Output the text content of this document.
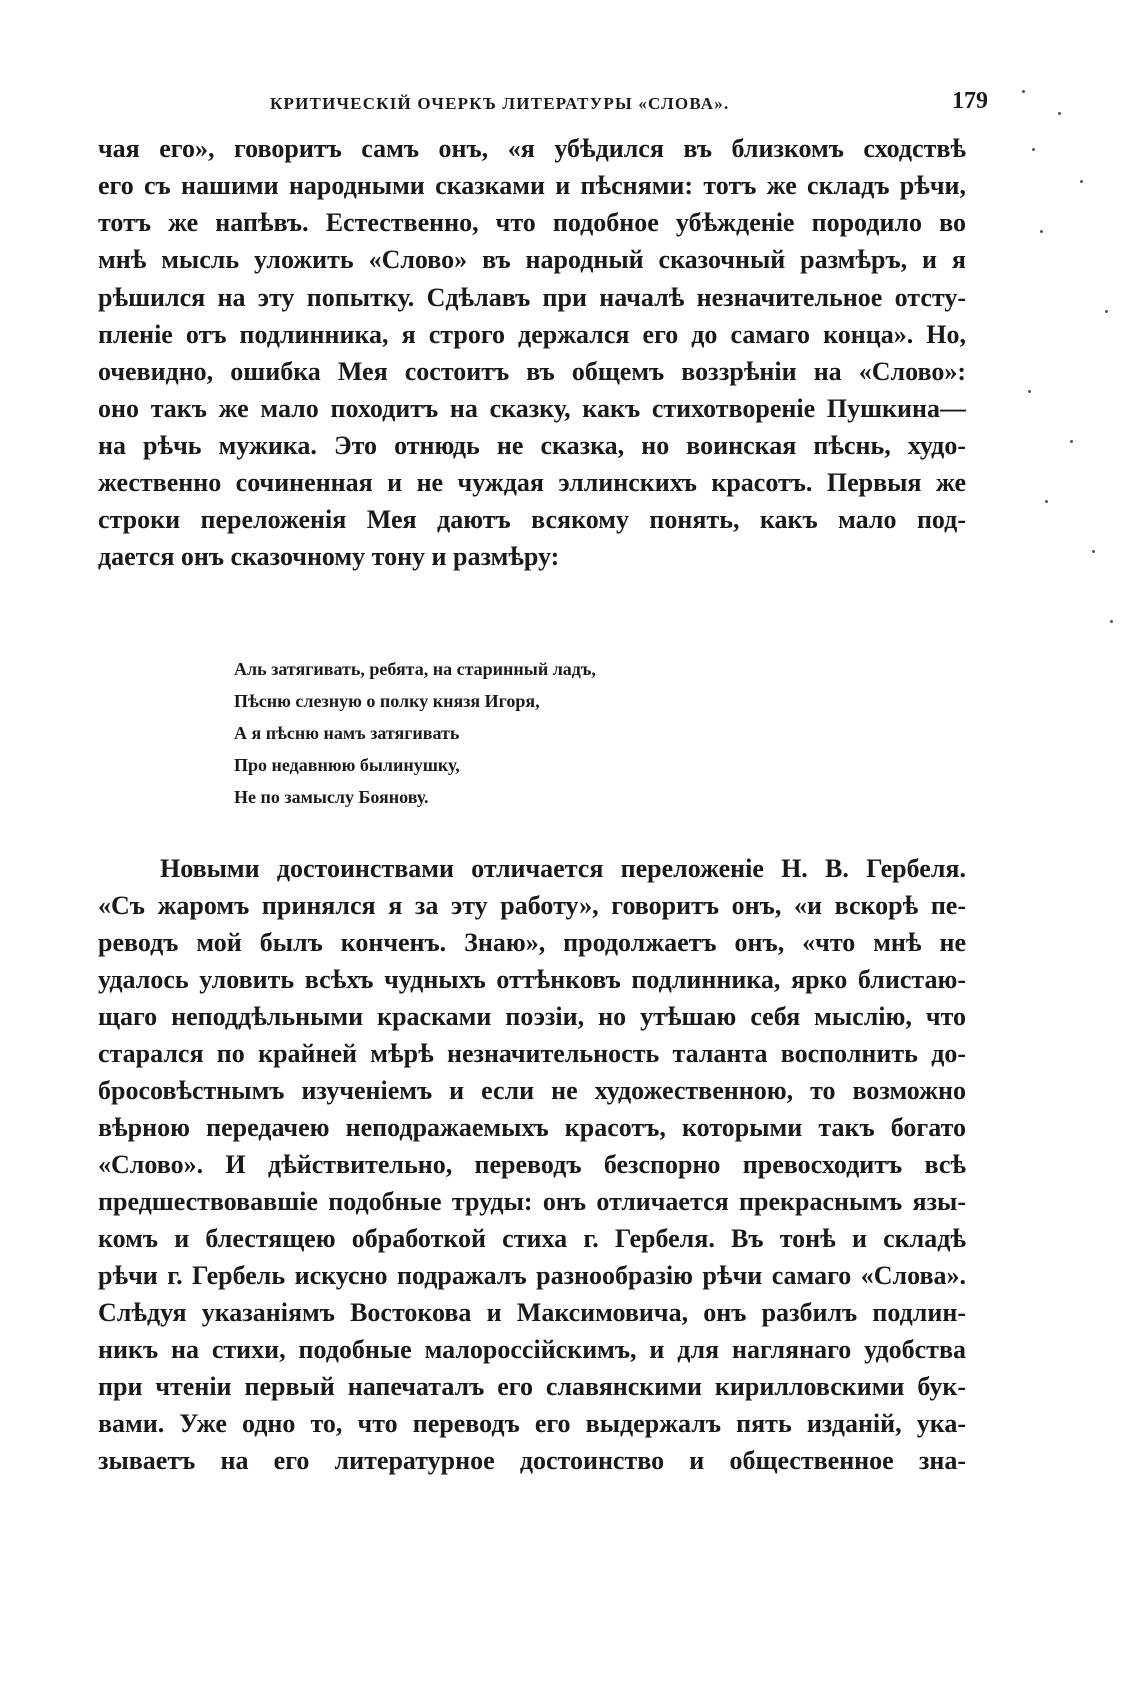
КРИТИЧЕСКІЙ ОЧЕРКЪ ЛИТЕРАТУРЫ «СЛОВА».	179
чая его», говоритъ самъ онъ, «я убѣдился въ близкомъ сходствѣ
его съ нашими народными сказками и пѣснями: тотъ же складъ рѣчи,
тотъ же напѣвъ. Естественно, что подобное убѣжденіе породило во
мнѣ мысль уложить «Слово» въ народный сказочный размѣръ, и я
рѣшился на эту попытку. Сдѣлавъ при началѣ незначительное отсту-
пленіе отъ подлинника, я строго держался его до самаго конца». Но,
очевидно, ошибка Мея состоитъ въ общемъ воззрѣніи на «Слово»:
оно такъ же мало походитъ на сказку, какъ стихотвореніе Пушкина—
на рѣчь мужика. Это отнюдь не сказка, но воинская пѣснь, худо-
жественно сочиненная и не чуждая эллинскихъ красотъ. Первыя же
строки переложенія Мея даютъ всякому понять, какъ мало под-
дается онъ сказочному тону и размѣру:
Аль затягивать, ребята, на старинный ладъ,
Пѣсню слезную о полку князя Игоря,
А я пѣсню намъ затягивать
Про недавнюю былинушку,
Не по замыслу Боянову.
Новыми достоинствами отличается переложеніе Н. В. Гербеля.
«Съ жаромъ принялся я за эту работу», говоритъ онъ, «и вскорѣ пе-
реводъ мой былъ конченъ. Знаю», продолжаетъ онъ, «что мнѣ не
удалось уловить всѣхъ чудныхъ оттѣнковъ подлинника, ярко блистаю-
щаго неподдѣльными красками поэзіи, но утѣшаю себя мыслію, что
старался по крайней мѣрѣ незначительность таланта восполнить до-
бросовѣстнымъ изученіемъ и если не художественною, то возможно
вѣрною передачею неподражаемыхъ красотъ, которыми такъ богато
«Слово». И дѣйствительно, переводъ безспорно превосходитъ всѣ
предшествовавшіе подобные труды: онъ отличается прекраснымъ язы-
комъ и блестящею обработкой стиха г. Гербеля. Въ тонѣ и складѣ
рѣчи г. Гербель искусно подражалъ разнообразію рѣчи самаго «Слова».
Слѣдуя указаніямъ Востокова и Максимовича, онъ разбилъ подлин-
никъ на стихи, подобные малороссійскимъ, и для наглянаго удобства
при чтеніи первый напечаталъ его славянскими кирилловскими бук-
вами. Уже одно то, что переводъ его выдержалъ пять изданій, ука-
зываетъ на его литературное достоинство и общественное зна-
